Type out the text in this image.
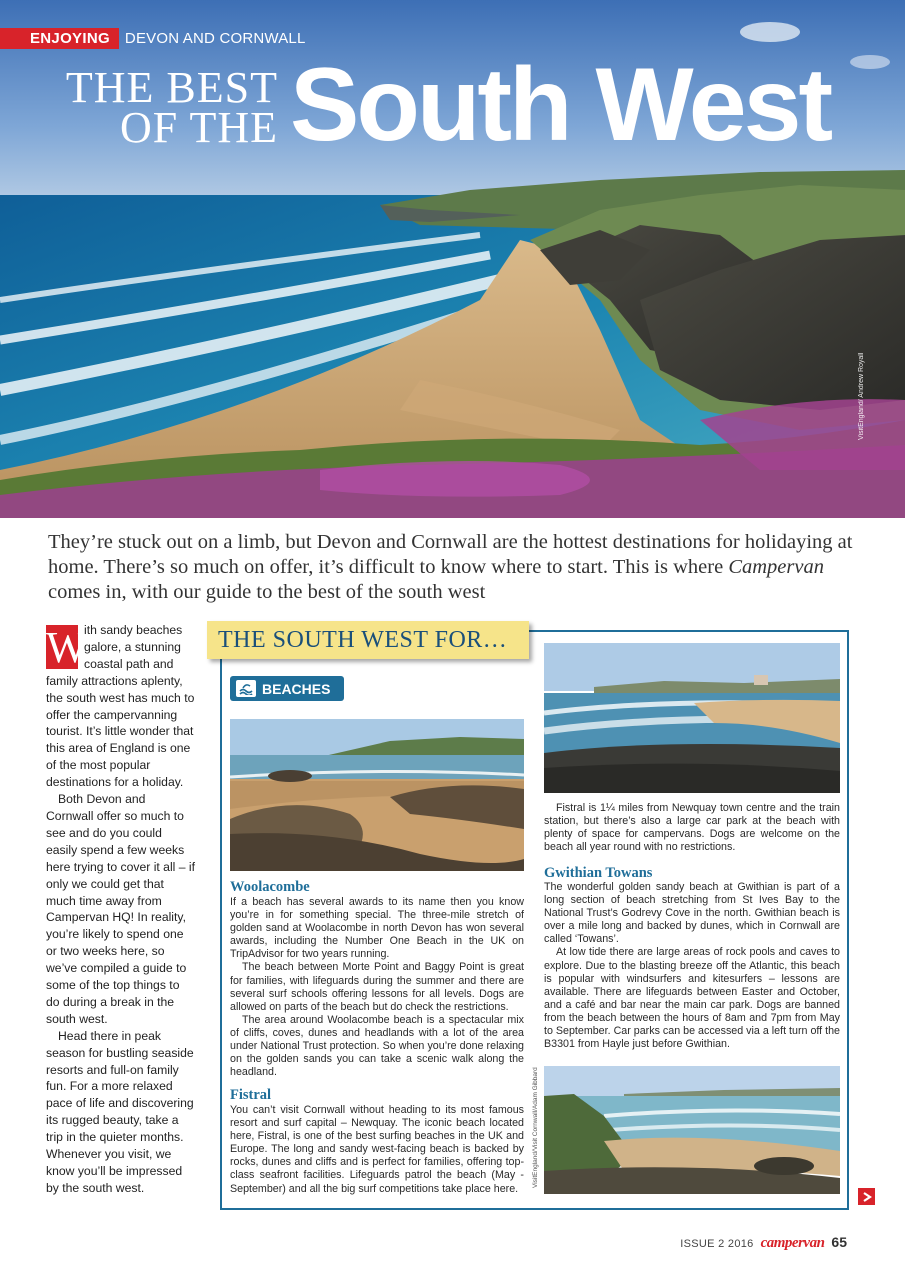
ENJOYING	DEVON AND CORNWALL
THE BEST
OF THE South West
VisitEngland/ Andrew Royall
They’re stuck out on a limb, but Devon and Cornwall are the hottest destinations for holidaying at home. There’s so much on offer, it’s difficult to know where to start. This is where Campervan comes in, with our guide to the best of the south west
W

ith sandy beaches galore, a stunning coastal path and family attractions aplenty, the south west has much to offer the campervanning tourist. It’s little wonder that this area of England is one of the most popular destinations for a holiday.

Both Devon and Cornwall offer so much to see and do you could easily spend a few weeks here trying to cover it all – if only we could get that much time away from Campervan HQ! In reality, you’re likely to spend one or two weeks here, so we’ve compiled a guide to some of the top things to do during a break in the south west.

Head there in peak season for bustling seaside resorts and full-on family fun. For a more relaxed pace of life and discovering its rugged beauty, take a trip in the quieter months. Whenever you visit, we know you’ll be impressed by the south west.

THE SOUTH WEST FOR…
BEACHES
Woolacombe

If a beach has several awards to its name then you know you’re in for something special. The three-mile stretch of golden sand at Woolacombe in north Devon has won several awards, including the Number One Beach in the UK on TripAdvisor for two years running.

The beach between Morte Point and Baggy Point is great for families, with lifeguards during the summer and there are several surf schools offering lessons for all levels. Dogs are allowed on parts of the beach but do check the restrictions.

The area around Woolacombe beach is a spectacular mix of cliffs, coves, dunes and headlands with a lot of the area under National Trust protection. So when you’re done relaxing on the golden sands you can take a scenic walk along the headland.

Fistral

You can’t visit Cornwall without heading to its most famous resort and surf capital – Newquay. The iconic beach located here, Fistral, is one of the best surfing beaches in the UK and Europe. The long and sandy west-facing beach is backed by rocks, dunes and cliffs and is perfect for families, offering top-class seafront facilities. Lifeguards patrol the beach (May - September) and all the big surf competitions take place here.

Fistral is 1¼ miles from Newquay town centre and the train station, but there’s also a large car park at the beach with plenty of space for campervans. Dogs are welcome on the beach all year round with no restrictions.

Gwithian Towans

The wonderful golden sandy beach at Gwithian is part of a long section of beach stretching from St Ives Bay to the National Trust’s Godrevy Cove in the north. Gwithian beach is over a mile long and backed by dunes, which in Cornwall are called ‘Towans’.

At low tide there are large areas of rock pools and caves to explore. Due to the blasting breeze off the Atlantic, this beach is popular with windsurfers and kitesurfers – lessons are available. There are lifeguards between Easter and October, and a café and bar near the main car park. Dogs are banned from the beach between the hours of 8am and 7pm from May to September. Car parks can be accessed via a left turn off the B3301 from Hayle just before Gwithian.

VisitEngland/Visit Cornwall/Adam Gibbard
ISSUE 2 2016 campervan 65
